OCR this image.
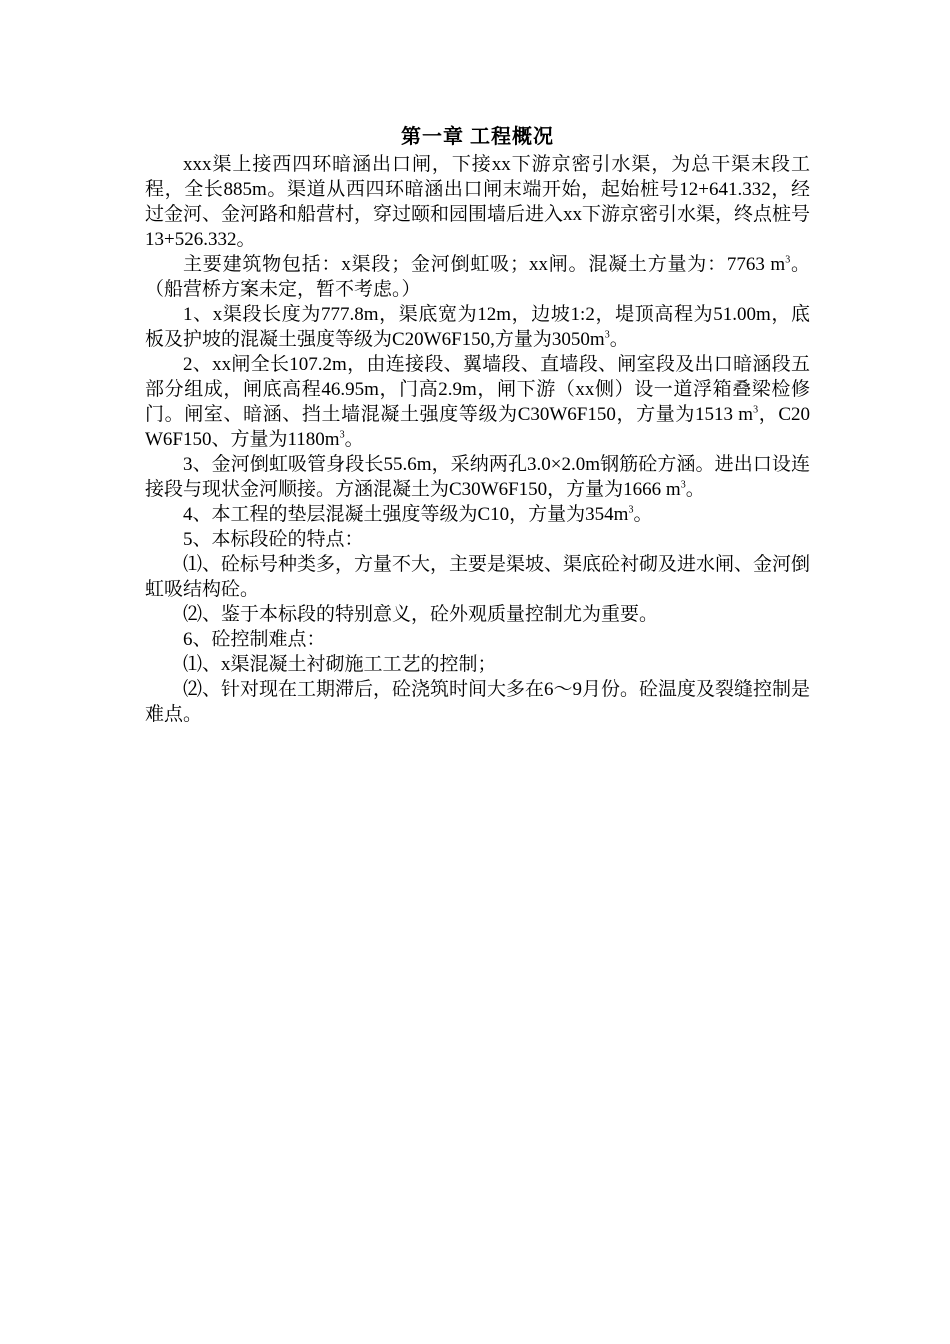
第一章 工程概况

xxx渠上接西四环暗涵出口闸，下接xx下游京密引水渠，为总干渠末段工程，全长885m。渠道从西四环暗涵出口闸末端开始，起始桩号12+641.332，经过金河、金河路和船营村，穿过颐和园围墙后进入xx下游京密引水渠，终点桩号13+526.332。

主要建筑物包括：x渠段；金河倒虹吸；xx闸。混凝土方量为：7763 $m^3$。（船营桥方案未定，暂不考虑。）

1、x渠段长度为777.8m，渠底宽为12m，边坡1:2，堤顶高程为51.00m，底板及护坡的混凝土强度等级为C20W6F150,方量为$3050m^3$。

2、xx闸全长107.2m，由连接段、翼墙段、直墙段、闸室段及出口暗涵段五部分组成，闸底高程46.95m，门高2.9m，闸下游（xx侧）设一道浮箱叠梁检修门。闸室、暗涵、挡土墙混凝土强度等级为C30W6F150，方量为1513 $m^3$，C20W6F150、方量为$1180m^3$。

3、金河倒虹吸管身段长55.6m，采纳两孔3.0×2.0m钢筋砼方涵。进出口设连接段与现状金河顺接。方涵混凝土为C30W6F150，方量为1666 $m^3$。

4、本工程的垫层混凝土强度等级为C10，方量为$354m^3$。

5、本标段砼的特点：

⑴、砼标号种类多，方量不大，主要是渠坡、渠底砼衬砌及进水闸、金河倒虹吸结构砼。

⑵、鉴于本标段的特别意义，砼外观质量控制尤为重要。

6、砼控制难点：

⑴、x渠混凝土衬砌施工工艺的控制；

⑵、针对现在工期滞后，砼浇筑时间大多在6～9月份。砼温度及裂缝控制是难点。
